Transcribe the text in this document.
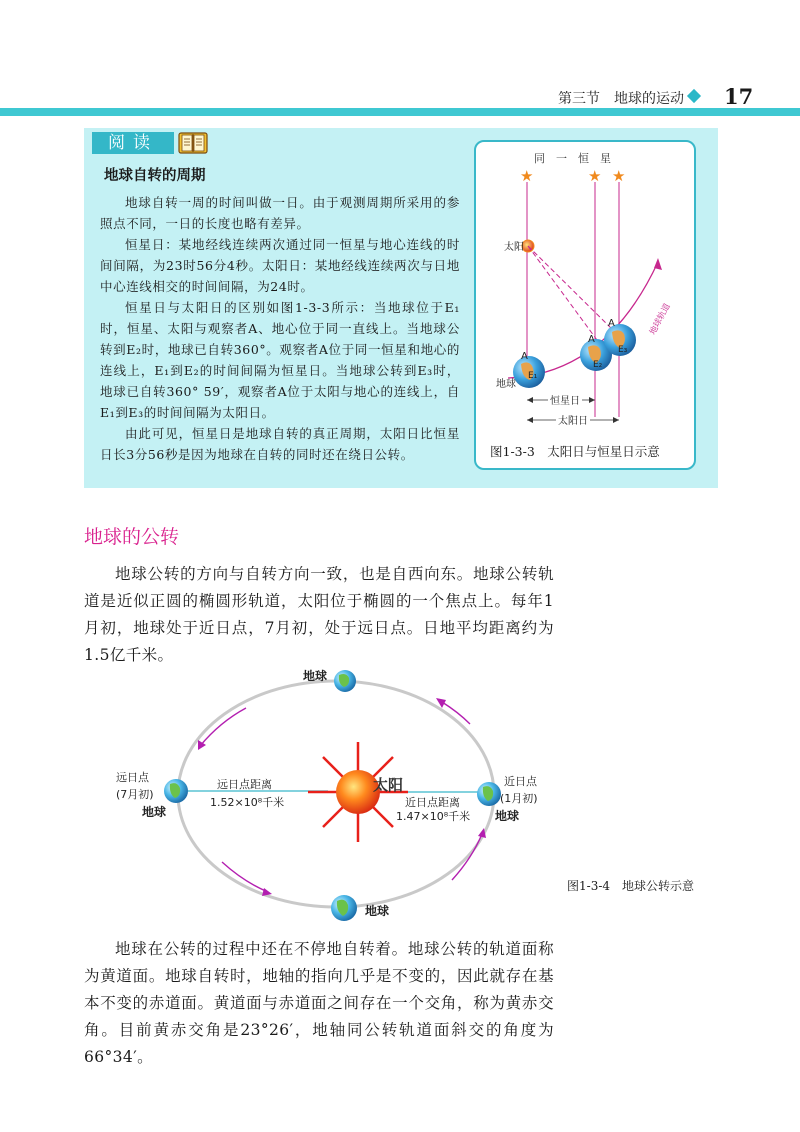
第三节　地球的运动 17
阅读
地球自转的周期

地球自转一周的时间叫做一日。由于观测周期所采用的参照点不同，一日的长度也略有差异。

恒星日：某地经线连续两次通过同一恒星与地心连线的时间间隔，为23时56分4秒。太阳日：某地经线连续两次与日地中心连线相交的时间间隔，为24时。

恒星日与太阳日的区别如图1-3-3所示：当地球位于E₁时，恒星、太阳与观察者A、地心位于同一直线上。当地球公转到E₂时，地球已自转360°。观察者A位于同一恒星和地心的连线上，E₁到E₂的时间间隔为恒星日。当地球公转到E₃时，地球已自转360° 59′，观察者A位于太阳与地心的连线上，自E₁到E₃的时间间隔为太阳日。

由此可见，恒星日是地球自转的真正周期，太阳日比恒星日长3分56秒是因为地球在自转的同时还在绕日公转。

同　一　恒　星
★	★ ★
太阳
地球轨道
A
A
A
E₁
E₂
E₃
地球
恒星日
太阳日
图1-3-3　太阳日与恒星日示意
地球的公转

地球公转的方向与自转方向一致，也是自西向东。地球公转轨道是近似正圆的椭圆形轨道，太阳位于椭圆的一个焦点上。每年1月初，地球处于近日点，7月初，处于远日点。日地平均距离约为1.5亿千米。

太阳
地球
远日点
(7月初)
地球
远日点距离
1.52×10⁸千米
近日点
(1月初)
地球
近日点距离
1.47×10⁸千米
地球
图1-3-4　地球公转示意

地球在公转的过程中还在不停地自转着。地球公转的轨道面称为黄道面。地球自转时，地轴的指向几乎是不变的，因此就存在基本不变的赤道面。黄道面与赤道面之间存在一个交角，称为黄赤交角。目前黄赤交角是23°26′，地轴同公转轨道面斜交的角度为66°34′。
